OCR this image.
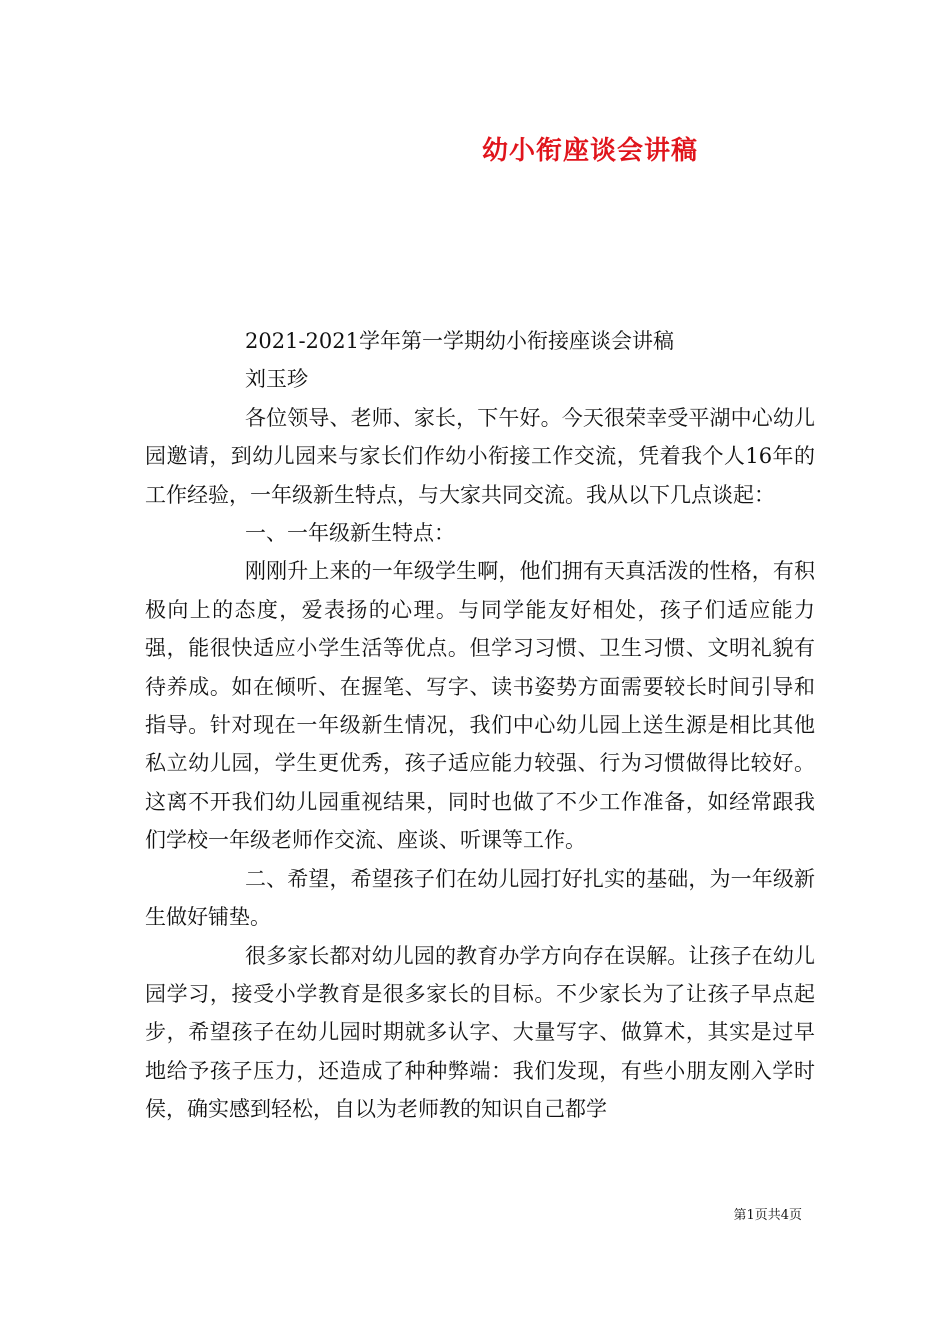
幼小衔座谈会讲稿

2021-2021学年第一学期幼小衔接座谈会讲稿

刘玉珍

各位领导、老师、家长，下午好。今天很荣幸受平湖中心幼儿园邀请，到幼儿园来与家长们作幼小衔接工作交流，凭着我个人16年的工作经验，一年级新生特点，与大家共同交流。我从以下几点谈起：

一、一年级新生特点：

刚刚升上来的一年级学生啊，他们拥有天真活泼的性格，有积极向上的态度，爱表扬的心理。与同学能友好相处，孩子们适应能力强，能很快适应小学生活等优点。但学习习惯、卫生习惯、文明礼貌有待养成。如在倾听、在握笔、写字、读书姿势方面需要较长时间引导和指导。针对现在一年级新生情况，我们中心幼儿园上送生源是相比其他私立幼儿园，学生更优秀，孩子适应能力较强、行为习惯做得比较好。这离不开我们幼儿园重视结果，同时也做了不少工作准备，如经常跟我们学校一年级老师作交流、座谈、听课等工作。

二、希望，希望孩子们在幼儿园打好扎实的基础，为一年级新生做好铺垫。

很多家长都对幼儿园的教育办学方向存在误解。让孩子在幼儿园学习，接受小学教育是很多家长的目标。不少家长为了让孩子早点起步，希望孩子在幼儿园时期就多认字、大量写字、做算术，其实是过早地给予孩子压力，还造成了种种弊端：我们发现，有些小朋友刚入学时侯，确实感到轻松，自以为老师教的知识自己都学

第1页共4页
